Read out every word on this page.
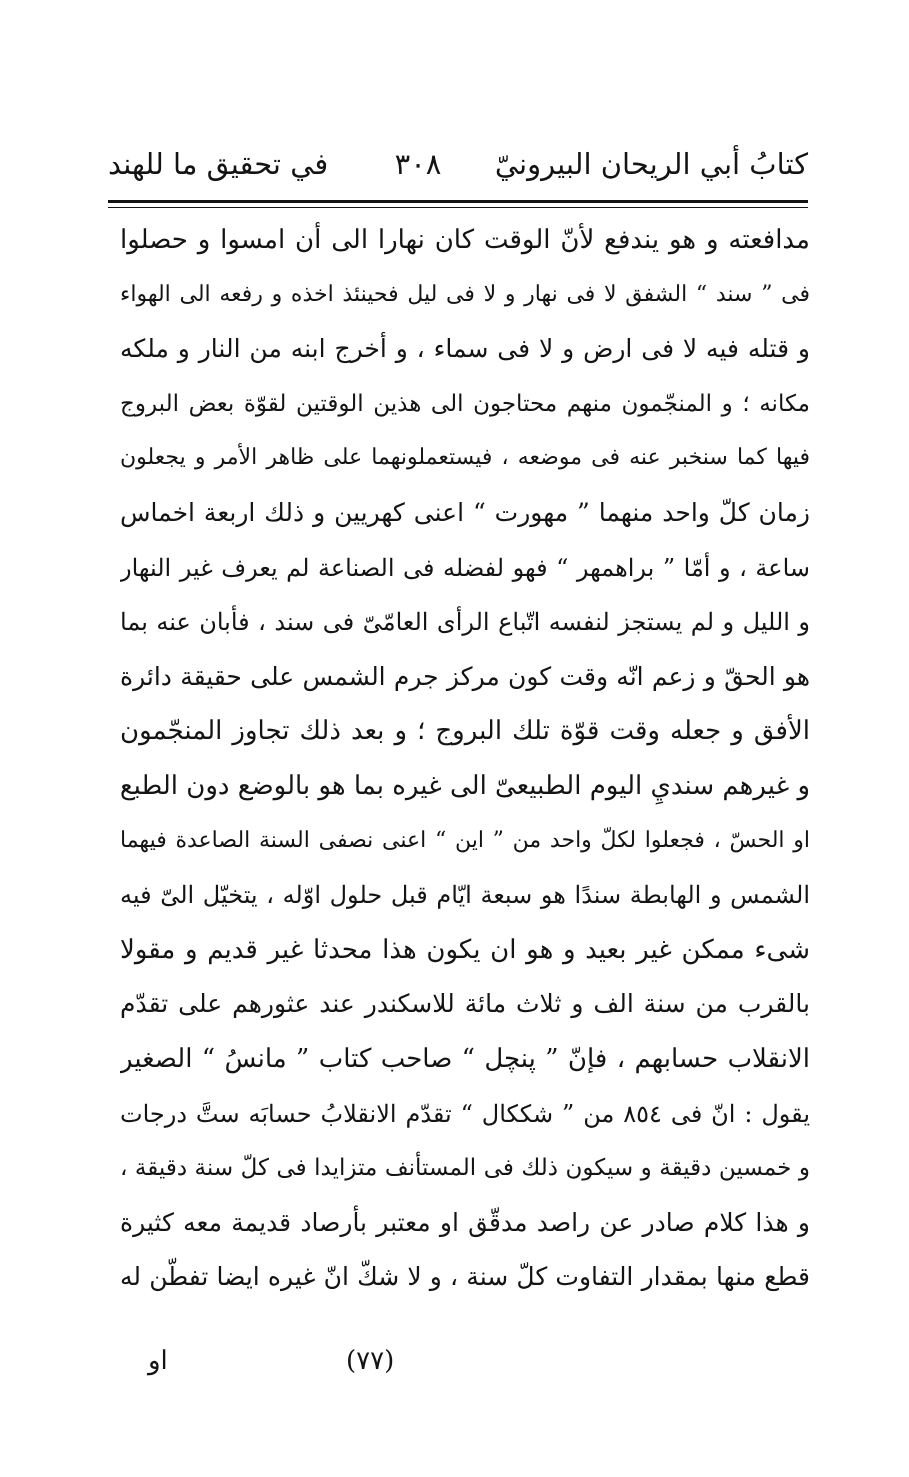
كتابُ أبي الريحان البيرونيّ
٣٠٨
في تحقيق ما للهند
مدافعته و هو يندفع لأنّ الوقت كان نهارا الى أن امسوا و حصلوا
فى ” سند “ الشفق لا فى نهار و لا فى ليل فحينئذ اخذه و رفعه الى الهواء
و قتله فيه لا فى ارض و لا فى سماء ، و أخرج ابنه من النار و ملكه
مكانه ؛ و المنجّمون منهم محتاجون الى هذين الوقتين لقوّة بعض البروج
فيها كما سنخبر عنه فى موضعه ، فيستعملونهما على ظاهر الأمر و يجعلون
زمان كلّ واحد منهما ” مهورت “ اعنى كهريين و ذلك اربعة اخماس
ساعة ، و أمّا ” براهمهر “ فهو لفضله فى الصناعة لم يعرف غير النهار
و الليل و لم يستجز لنفسه اتّباع الرأى العامّىّ فى سند ، فأبان عنه بما
هو الحقّ و زعم انّه وقت كون مركز جرم الشمس على حقيقة دائرة
الأفق و جعله وقت قوّة تلك البروج ؛ و بعد ذلك تجاوز المنجّمون
و غيرهم سنديِ اليوم الطبيعىّ الى غيره بما هو بالوضع دون الطبع
او الحسّ ، فجعلوا لكلّ واحد من ” اين “ اعنى نصفى السنة الصاعدة فيهما
الشمس و الهابطة سندًا هو سبعة ايّام قبل حلول اوّله ، يتخيّل الىّ فيه
شىء ممكن غير بعيد و هو ان يكون هذا محدثا غير قديم و مقولا
بالقرب من سنة الف و ثلاث مائة للاسكندر عند عثورهم على تقدّم
الانقلاب حسابهم ، فإنّ ” پنچل “ صاحب كتاب ” مانسُ “ الصغير
يقول : انّ فى ٨٥٤ من ” شككال “ تقدّم الانقلابُ حسابَه ستَّ درجات
و خمسين دقيقة و سيكون ذلك فى المستأنف متزايدا فى كلّ سنة دقيقة ،
و هذا كلام صادر عن راصد مدقّق او معتبر بأرصاد قديمة معه كثيرة
قطع منها بمقدار التفاوت كلّ سنة ، و لا شكّ انّ غيره ايضا تفطّن له
(٧٧)
او
